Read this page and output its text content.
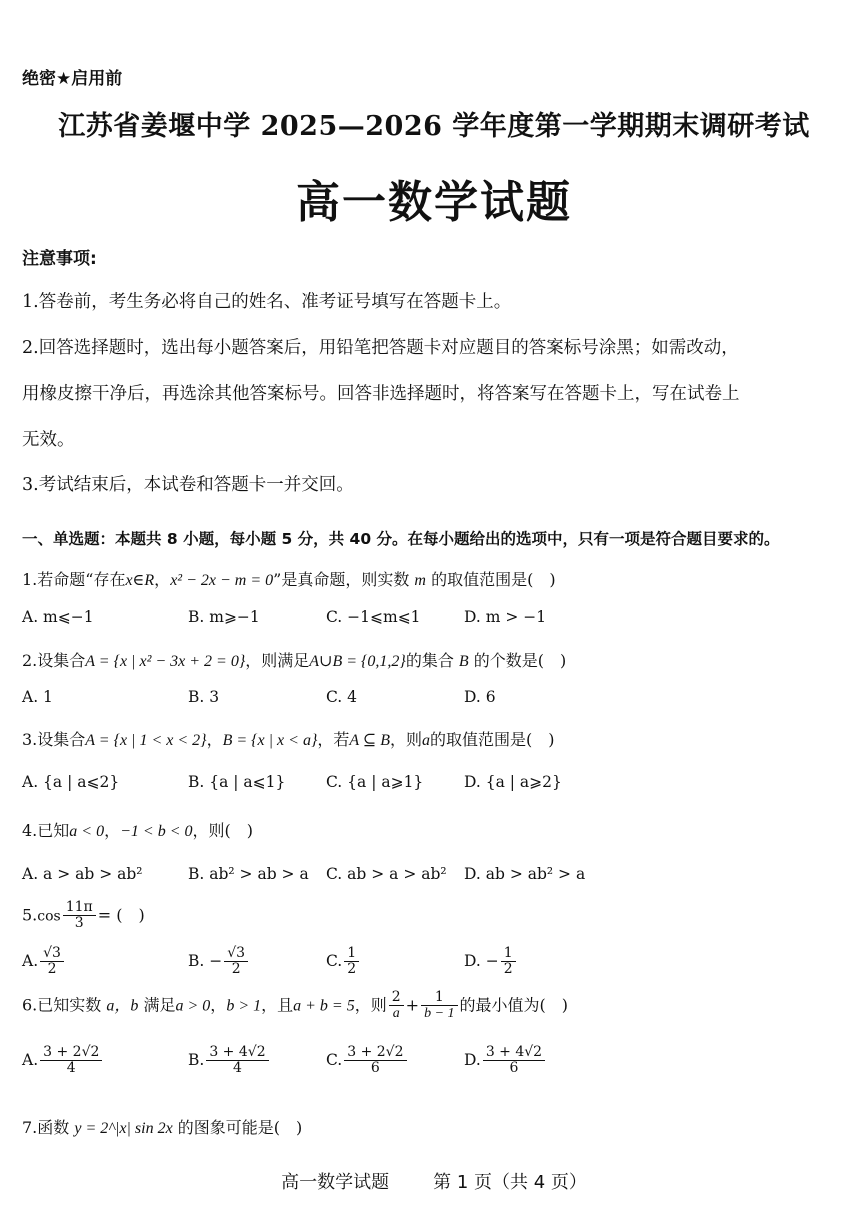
绝密★启用前
江苏省姜堰中学 2025—2026 学年度第一学期期末调研考试
高一数学试题
注意事项:
1.答卷前，考生务必将自己的姓名、准考证号填写在答题卡上。
2.回答选择题时，选出每小题答案后，用铅笔把答题卡对应题目的答案标号涂黑；如需改动，
用橡皮擦干净后，再选涂其他答案标号。回答非选择题时，将答案写在答题卡上，写在试卷上
无效。
3.考试结束后，本试卷和答题卡一并交回。
一、单选题：本题共 8 小题，每小题 5 分，共 40 分。在每小题给出的选项中，只有一项是符合题目要求的。
1.若命题“存在x∈R，x² − 2x − m = 0”是真命题，则实数 m 的取值范围是(　)
A. m⩽−1	B. m⩾−1	C. −1⩽m⩽1	D. m > −1
2.设集合A = {x | x² − 3x + 2 = 0}，则满足A∪B = {0,1,2}的集合 B 的个数是(　)
A. 1	B. 3	C. 4	D. 6
3.设集合A = {x | 1 < x < 2}，B = {x | x < a}，若A ⊆ B，则a的取值范围是(　)
A. {a | a⩽2}	B. {a | a⩽1}	C. {a | a⩾1}	D. {a | a⩾2}
4.已知a < 0，−1 < b < 0，则(　)
A. a > ab > ab²	B. ab² > ab > a C. ab > a > ab² D. ab > ab² > a
$5.\cos \frac{11\pi}{3}$ = (　)
A. $\frac{√3}{2}$	B. − $\frac{√3}{2}$	C. $\frac{1}{2}$	D. − $\frac{1}{2}$
6.已知实数 a，b 满足a > 0，b > 1，且a + b = 5，则 $\frac{2}{a} + \frac{1}{b - 1}$ 的最小值为(　)
A. $\frac{3 + 2√2}{4}$	B. $\frac{3 + 4√2}{4}$	C. $\frac{3 + 2√2}{6}$	D. $\frac{3 + 4√2}{6}$
7.函数 y = 2^|x| sin 2x 的图象可能是(　)
高一数学试题 第 1 页（共 4 页）
